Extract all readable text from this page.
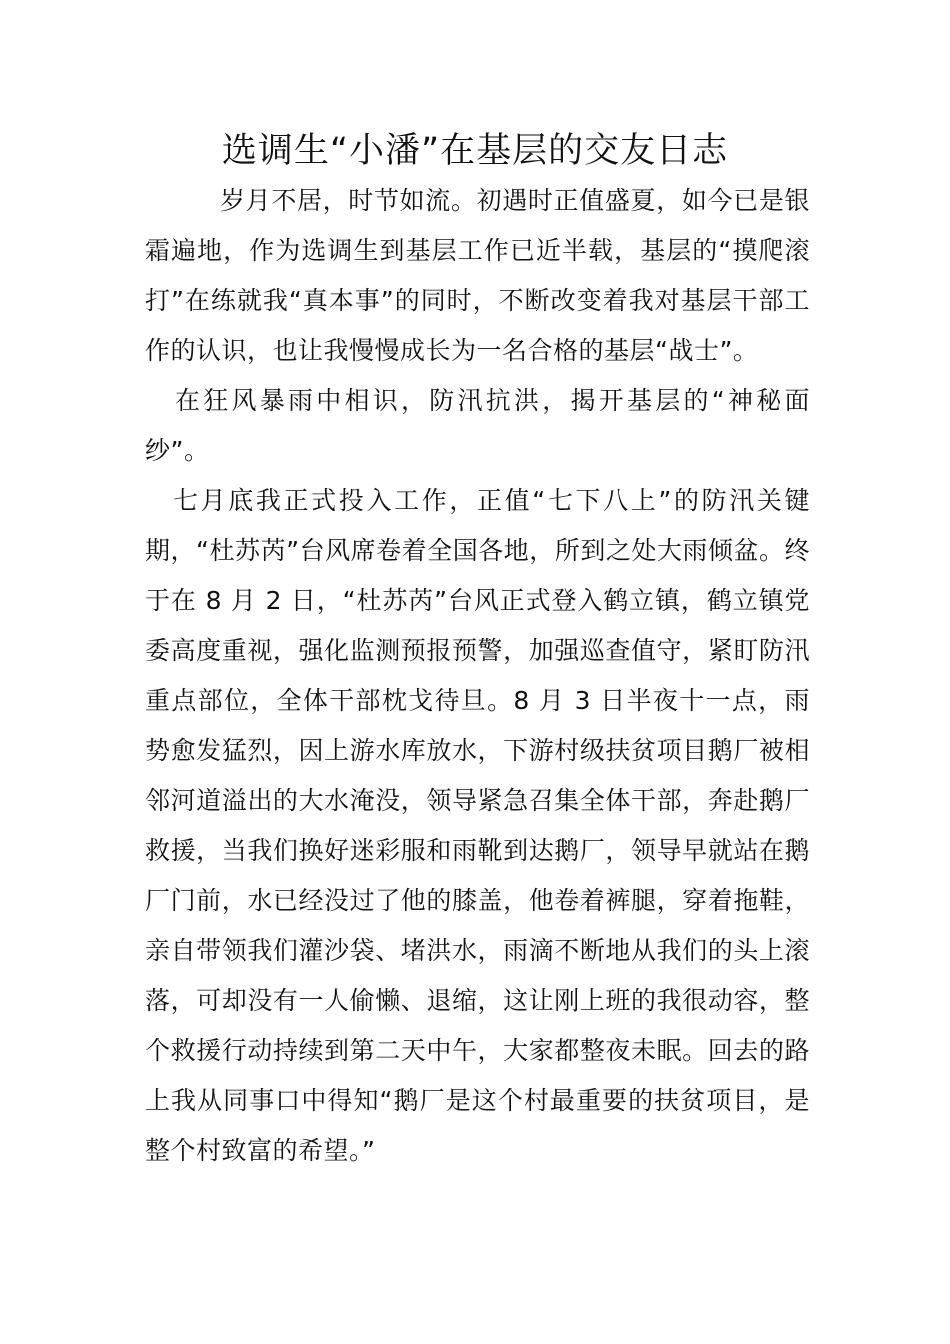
选调生“小潘”在基层的交友日志

岁月不居，时节如流。初遇时正值盛夏，如今已是银霜遍地，作为选调生到基层工作已近半载，基层的“摸爬滚打”在练就我“真本事”的同时，不断改变着我对基层干部工作的认识，也让我慢慢成长为一名合格的基层“战士”。

在狂风暴雨中相识，防汛抗洪，揭开基层的“神秘面纱”。

七月底我正式投入工作，正值“七下八上”的防汛关键期，“杜苏芮”台风席卷着全国各地，所到之处大雨倾盆。终于在 8 月 2 日，“杜苏芮”台风正式登入鹤立镇，鹤立镇党委高度重视，强化监测预报预警，加强巡查值守，紧盯防汛重点部位，全体干部枕戈待旦。8 月 3 日半夜十一点，雨势愈发猛烈，因上游水库放水，下游村级扶贫项目鹅厂被相邻河道溢出的大水淹没，领导紧急召集全体干部，奔赴鹅厂救援，当我们换好迷彩服和雨靴到达鹅厂，领导早就站在鹅厂门前，水已经没过了他的膝盖，他卷着裤腿，穿着拖鞋，亲自带领我们灌沙袋、堵洪水，雨滴不断地从我们的头上滚落，可却没有一人偷懒、退缩，这让刚上班的我很动容，整个救援行动持续到第二天中午，大家都整夜未眠。回去的路上我从同事口中得知“鹅厂是这个村最重要的扶贫项目，是整个村致富的希望。”
